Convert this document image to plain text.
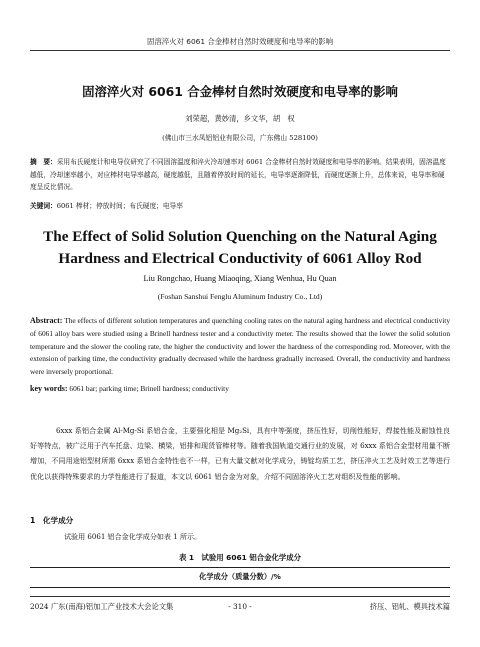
固溶淬火对 6061 合金棒材自然时效硬度和电导率的影响
固溶淬火对 6061 合金棒材自然时效硬度和电导率的影响
刘荣超，黄妙清，乡文华，胡　权
(佛山市三水凤铝铝业有限公司，广东佛山 528100)
摘　要：采用布氏硬度计和电导仪研究了不同固溶温度和淬火冷却速率对 6061 合金棒材自然时效硬度和电导率的影响。结果表明，固溶温度越低，冷却速率越小，对应棒材电导率越高，硬度越低，且随着停放时间的延长，电导率逐渐降低，而硬度逐渐上升，总体来说，电导率和硬度呈反比情况。
关键词：6061 棒材；停放时间；布氏硬度；电导率
The Effect of Solid Solution Quenching on the Natural Aging Hardness and Electrical Conductivity of 6061 Alloy Rod
Liu Rongchao, Huang Miaoqing, Xiang Wenhua, Hu Quan
(Foshan Sanshui Fenglu Aluminum Industry Co., Ltd)
Abstract: The effects of different solution temperatures and quenching cooling rates on the natural aging hardness and electrical conductivity of 6061 alloy bars were studied using a Brinell hardness tester and a conductivity meter. The results showed that the lower the solid solution temperature and the slower the cooling rate, the higher the conductivity and lower the hardness of the corresponding rod. Moreover, with the extension of parking time, the conductivity gradually decreased while the hardness gradually increased. Overall, the conductivity and hardness were inversely proportional.
key words: 6061 bar; parking time; Brinell hardness; conductivity
6xxx 系铝合金属 Al-Mg-Si 系铝合金，主要强化相是 Mg₂Si，具有中等强度，挤压性好，切削性能好，焊接性能及耐蚀性良好等特点，被广泛用于汽车托盘、边梁、横梁，铝排和现货管棒材等。随着我国轨道交通行业的发展，对 6xxx 系铝合金型材用量不断增加，不同用途铝型材所需 6xxx 系铝合金特性也不一样，已有大量文献对化学成分，铸锭均质工艺，挤压淬火工艺及时效工艺等进行优化以获得特殊要求的力学性能进行了报道，本文以 6061 铝合金为对象，介绍不同固溶淬火工艺对组织及性能的影响。
1　化学成分
试验用 6061 铝合金化学成分如表 1 所示。
表 1　试验用 6061 铝合金化学成分
化学成分（质量分数）/%
2024 广东(南海)铝加工产业技术大会论文集	- 310 -	挤压、铝轧、模具技术篇
